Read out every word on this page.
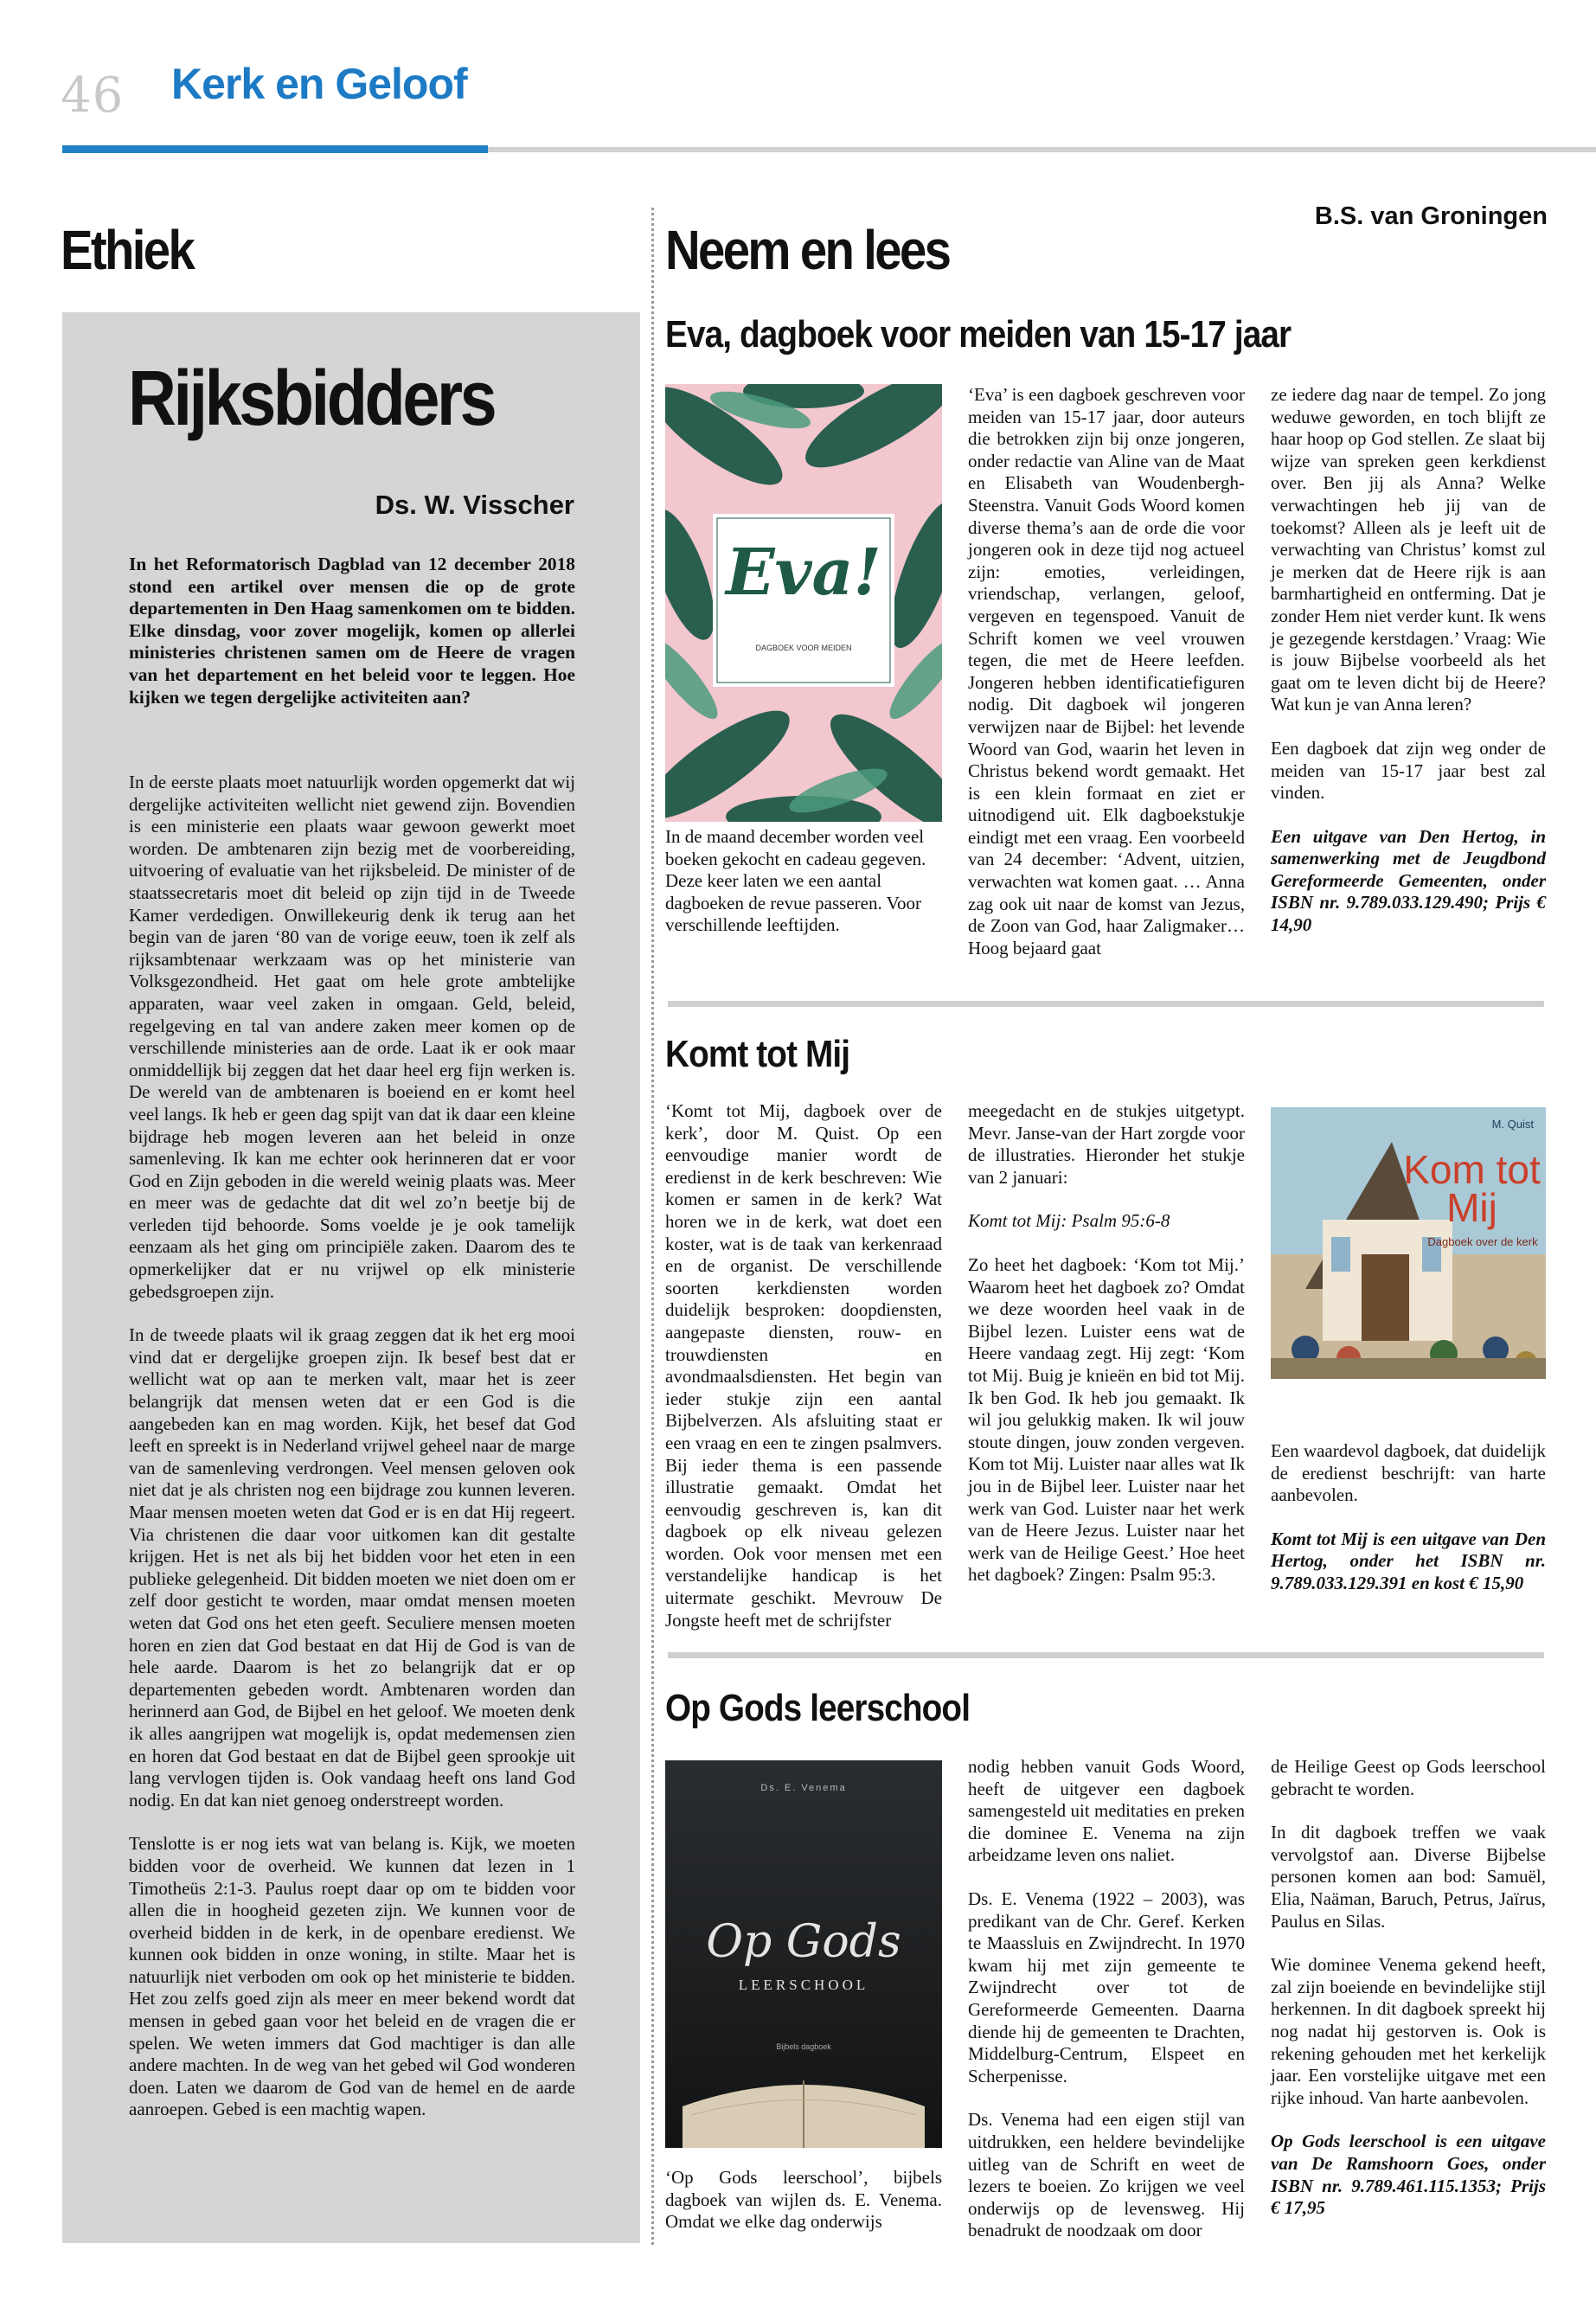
46 Kerk en Geloof
Ethiek
Rijksbidders
Ds. W. Visscher
In het Reformatorisch Dagblad van 12 december 2018 stond een artikel over mensen die op de grote departementen in Den Haag samenkomen om te bidden. Elke dinsdag, voor zover mogelijk, komen op allerlei ministeries christenen samen om de Heere de vragen van het departement en het beleid voor te leggen. Hoe kijken we tegen dergelijke activiteiten aan?

In de eerste plaats moet natuurlijk worden opgemerkt dat wij dergelijke activiteiten wellicht niet gewend zijn. Bovendien is een ministerie een plaats waar gewoon gewerkt moet worden. De ambtenaren zijn bezig met de voorbereiding, uitvoering of evaluatie van het rijksbeleid. De minister of de staatssecretaris moet dit beleid op zijn tijd in de Tweede Kamer verdedigen. Onwillekeurig denk ik terug aan het begin van de jaren ‘80 van de vorige eeuw, toen ik zelf als rijksambtenaar werkzaam was op het ministerie van Volksgezondheid. Het gaat om hele grote ambtelijke apparaten, waar veel zaken in omgaan. Geld, beleid, regelgeving en tal van andere zaken meer komen op de verschillende ministeries aan de orde. Laat ik er ook maar onmiddellijk bij zeggen dat het daar heel erg fijn werken is. De wereld van de ambtenaren is boeiend en er komt heel veel langs. Ik heb er geen dag spijt van dat ik daar een kleine bijdrage heb mogen leveren aan het beleid in onze samenleving. Ik kan me echter ook herinneren dat er voor God en Zijn geboden in die wereld weinig plaats was. Meer en meer was de gedachte dat dit wel zo’n beetje bij de verleden tijd behoorde. Soms voelde je je ook tamelijk eenzaam als het ging om principiële zaken. Daarom des te opmerkelijker dat er nu vrijwel op elk ministerie gebedsgroepen zijn.

In de tweede plaats wil ik graag zeggen dat ik het erg mooi vind dat er dergelijke groepen zijn. Ik besef best dat er wellicht wat op aan te merken valt, maar het is zeer belangrijk dat mensen weten dat er een God is die aangebeden kan en mag worden. Kijk, het besef dat God leeft en spreekt is in Nederland vrijwel geheel naar de marge van de samenleving verdrongen. Veel mensen geloven ook niet dat je als christen nog een bijdrage zou kunnen leveren. Maar mensen moeten weten dat God er is en dat Hij regeert. Via christenen die daar voor uitkomen kan dit gestalte krijgen. Het is net als bij het bidden voor het eten in een publieke gelegenheid. Dit bidden moeten we niet doen om er zelf door gesticht te worden, maar omdat mensen moeten weten dat God ons het eten geeft. Seculiere mensen moeten horen en zien dat God bestaat en dat Hij de God is van de hele aarde. Daarom is het zo belangrijk dat er op departementen gebeden wordt. Ambtenaren worden dan herinnerd aan God, de Bijbel en het geloof. We moeten denk ik alles aangrijpen wat mogelijk is, opdat medemensen zien en horen dat God bestaat en dat de Bijbel geen sprookje uit lang vervlogen tijden is. Ook vandaag heeft ons land God nodig. En dat kan niet genoeg onderstreept worden.

Tenslotte is er nog iets wat van belang is. Kijk, we moeten bidden voor de overheid. We kunnen dat lezen in 1 Timotheüs 2:1-3. Paulus roept daar op om te bidden voor allen die in hoogheid gezeten zijn. We kunnen voor de overheid bidden in de kerk, in de openbare eredienst. We kunnen ook bidden in onze woning, in stilte. Maar het is natuurlijk niet verboden om ook op het ministerie te bidden. Het zou zelfs goed zijn als meer en meer bekend wordt dat mensen in gebed gaan voor het beleid en de vragen die er spelen. We weten immers dat God machtiger is dan alle andere machten. In de weg van het gebed wil God wonderen doen. Laten we daarom de God van de hemel en de aarde aanroepen. Gebed is een machtig wapen.

Neem en lees
B.S. van Groningen
Eva, dagboek voor meiden van 15-17 jaar
Eva!
DAGBOEK VOOR MEIDEN
In de maand december worden veel boeken gekocht en cadeau gegeven. Deze keer laten we een aantal dagboeken de revue passeren. Voor verschillende leeftijden.
‘Eva’ is een dagboek geschreven voor meiden van 15-17 jaar, door auteurs die betrokken zijn bij onze jongeren, onder redactie van Aline van de Maat en Elisabeth van Woudenbergh-Steenstra. Vanuit Gods Woord komen diverse thema’s aan de orde die voor jongeren ook in deze tijd nog actueel zijn: emoties, verleidingen, vriendschap, verlangen, geloof, vergeven en tegenspoed. Vanuit de Schrift komen we veel vrouwen tegen, die met de Heere leefden. Jongeren hebben identificatiefiguren nodig. Dit dagboek wil jongeren verwijzen naar de Bijbel: het levende Woord van God, waarin het leven in Christus bekend wordt gemaakt. Het is een klein formaat en ziet er uitnodigend uit. Elk dagboekstukje eindigt met een vraag. Een voorbeeld van 24 december: ‘Advent, uitzien, verwachten wat komen gaat. … Anna zag ook uit naar de komst van Jezus, de Zoon van God, haar Zaligmaker… Hoog bejaard gaat

ze iedere dag naar de tempel. Zo jong weduwe geworden, en toch blijft ze haar hoop op God stellen. Ze slaat bij wijze van spreken geen kerkdienst over. Ben jij als Anna? Welke verwachtingen heb jij van de toekomst? Alleen als je leeft uit de verwachting van Christus’ komst zul je merken dat de Heere rijk is aan barmhartigheid en ontferming. Dat je zonder Hem niet verder kunt. Ik wens je gezegende kerstdagen.’ Vraag: Wie is jouw Bijbelse voorbeeld als het gaat om te leven dicht bij de Heere? Wat kun je van Anna leren?

Een dagboek dat zijn weg onder de meiden van 15-17 jaar best zal vinden.

Een uitgave van Den Hertog, in samenwerking met de Jeugdbond Gereformeerde Gemeenten, onder ISBN nr. 9.789.033.129.490; Prijs € 14,90

Komt tot Mij
‘Komt tot Mij, dagboek over de kerk’, door M. Quist. Op een eenvoudige manier wordt de eredienst in de kerk beschreven: Wie komen er samen in de kerk? Wat horen we in de kerk, wat doet een koster, wat is de taak van kerkenraad en de organist. De verschillende soorten kerkdiensten worden duidelijk besproken: doopdiensten, aangepaste diensten, rouw- en trouwdiensten en avondmaalsdiensten. Het begin van ieder stukje zijn een aantal Bijbelverzen. Als afsluiting staat er een vraag en een te zingen psalmvers. Bij ieder thema is een passende illustratie gemaakt. Omdat het eenvoudig geschreven is, kan dit dagboek op elk niveau gelezen worden. Ook voor mensen met een verstandelijke handicap is het uitermate geschikt. Mevrouw De Jongste heeft met de schrijfster

meegedacht en de stukjes uitgetypt. Mevr. Janse-van der Hart zorgde voor de illustraties. Hieronder het stukje van 2 januari:

Komt tot Mij: Psalm 95:6-8

Zo heet het dagboek: ‘Kom tot Mij.’ Waarom heet het dagboek zo? Omdat we deze woorden heel vaak in de Bijbel lezen. Luister eens wat de Heere vandaag zegt. Hij zegt: ‘Kom tot Mij. Buig je knieën en bid tot Mij. Ik ben God. Ik heb jou gemaakt. Ik wil jou gelukkig maken. Ik wil jouw stoute dingen, jouw zonden vergeven. Kom tot Mij. Luister naar alles wat Ik jou in de Bijbel leer. Luister naar het werk van God. Luister naar het werk van de Heere Jezus. Luister naar het werk van de Heilige Geest.’ Hoe heet het dagboek? Zingen: Psalm 95:3.

M. Quist
Kom tot Mij
Dagboek over de kerk

Een waardevol dagboek, dat duidelijk de eredienst beschrijft: van harte aanbevolen.

Komt tot Mij is een uitgave van Den Hertog, onder het ISBN nr. 9.789.033.129.391 en kost € 15,90

Op Gods leerschool
Ds. E. Venema
Op Gods
LEERSCHOOL
Bijbels dagboek
‘Op Gods leerschool’, bijbels dagboek van wijlen ds. E. Venema. Omdat we elke dag onderwijs

nodig hebben vanuit Gods Woord, heeft de uitgever een dagboek samengesteld uit meditaties en preken die dominee E. Venema na zijn arbeidzame leven ons naliet.

Ds. E. Venema (1922 – 2003), was predikant van de Chr. Geref. Kerken te Maassluis en Zwijndrecht. In 1970 kwam hij met zijn gemeente te Zwijndrecht over tot de Gereformeerde Gemeenten. Daarna diende hij de gemeenten te Drachten, Middelburg-Centrum, Elspeet en Scherpenisse.

Ds. Venema had een eigen stijl van uitdrukken, een heldere bevindelijke uitleg van de Schrift en weet de lezers te boeien. Zo krijgen we veel onderwijs op de levensweg. Hij benadrukt de noodzaak om door

de Heilige Geest op Gods leerschool gebracht te worden.

In dit dagboek treffen we vaak vervolgstof aan. Diverse Bijbelse personen komen aan bod: Samuël, Elia, Naäman, Baruch, Petrus, Jaïrus, Paulus en Silas.

Wie dominee Venema gekend heeft, zal zijn boeiende en bevindelijke stijl herkennen. In dit dagboek spreekt hij nog nadat hij gestorven is. Ook is rekening gehouden met het kerkelijk jaar. Een vorstelijke uitgave met een rijke inhoud. Van harte aanbevolen.

Op Gods leerschool is een uitgave van De Ramshoorn Goes, onder ISBN nr. 9.789.461.115.1353; Prijs € 17,95
